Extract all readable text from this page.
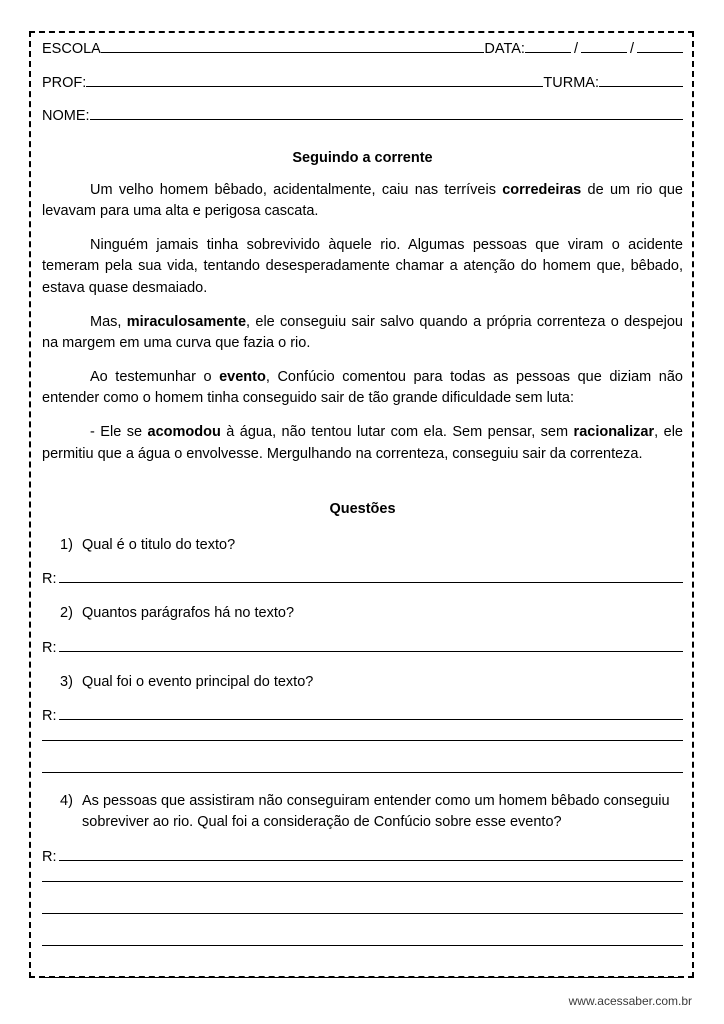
ESCOLA	DATA:	/	/
PROF:	TURMA:
NOME:
Seguindo a corrente

Um velho homem bêbado, acidentalmente, caiu nas terríveis corredeiras de um rio que levavam para uma alta e perigosa cascata.

Ninguém jamais tinha sobrevivido àquele rio. Algumas pessoas que viram o acidente temeram pela sua vida, tentando desesperadamente chamar a atenção do homem que, bêbado, estava quase desmaiado.

Mas, miraculosamente, ele conseguiu sair salvo quando a própria correnteza o despejou na margem em uma curva que fazia o rio.

Ao testemunhar o evento, Confúcio comentou para todas as pessoas que diziam não entender como o homem tinha conseguido sair de tão grande dificuldade sem luta:

- Ele se acomodou à água, não tentou lutar com ela. Sem pensar, sem racionalizar, ele permitiu que a água o envolvesse. Mergulhando na correnteza, conseguiu sair da correnteza.

Questões
1) Qual é o titulo do texto?
R:
2) Quantos parágrafos há no texto?
R:
3) Qual foi o evento principal do texto?
R:
4) As pessoas que assistiram não conseguiram entender como um homem bêbado conseguiu sobreviver ao rio. Qual foi a consideração de Confúcio sobre esse evento?
R:
www.acessaber.com.br
